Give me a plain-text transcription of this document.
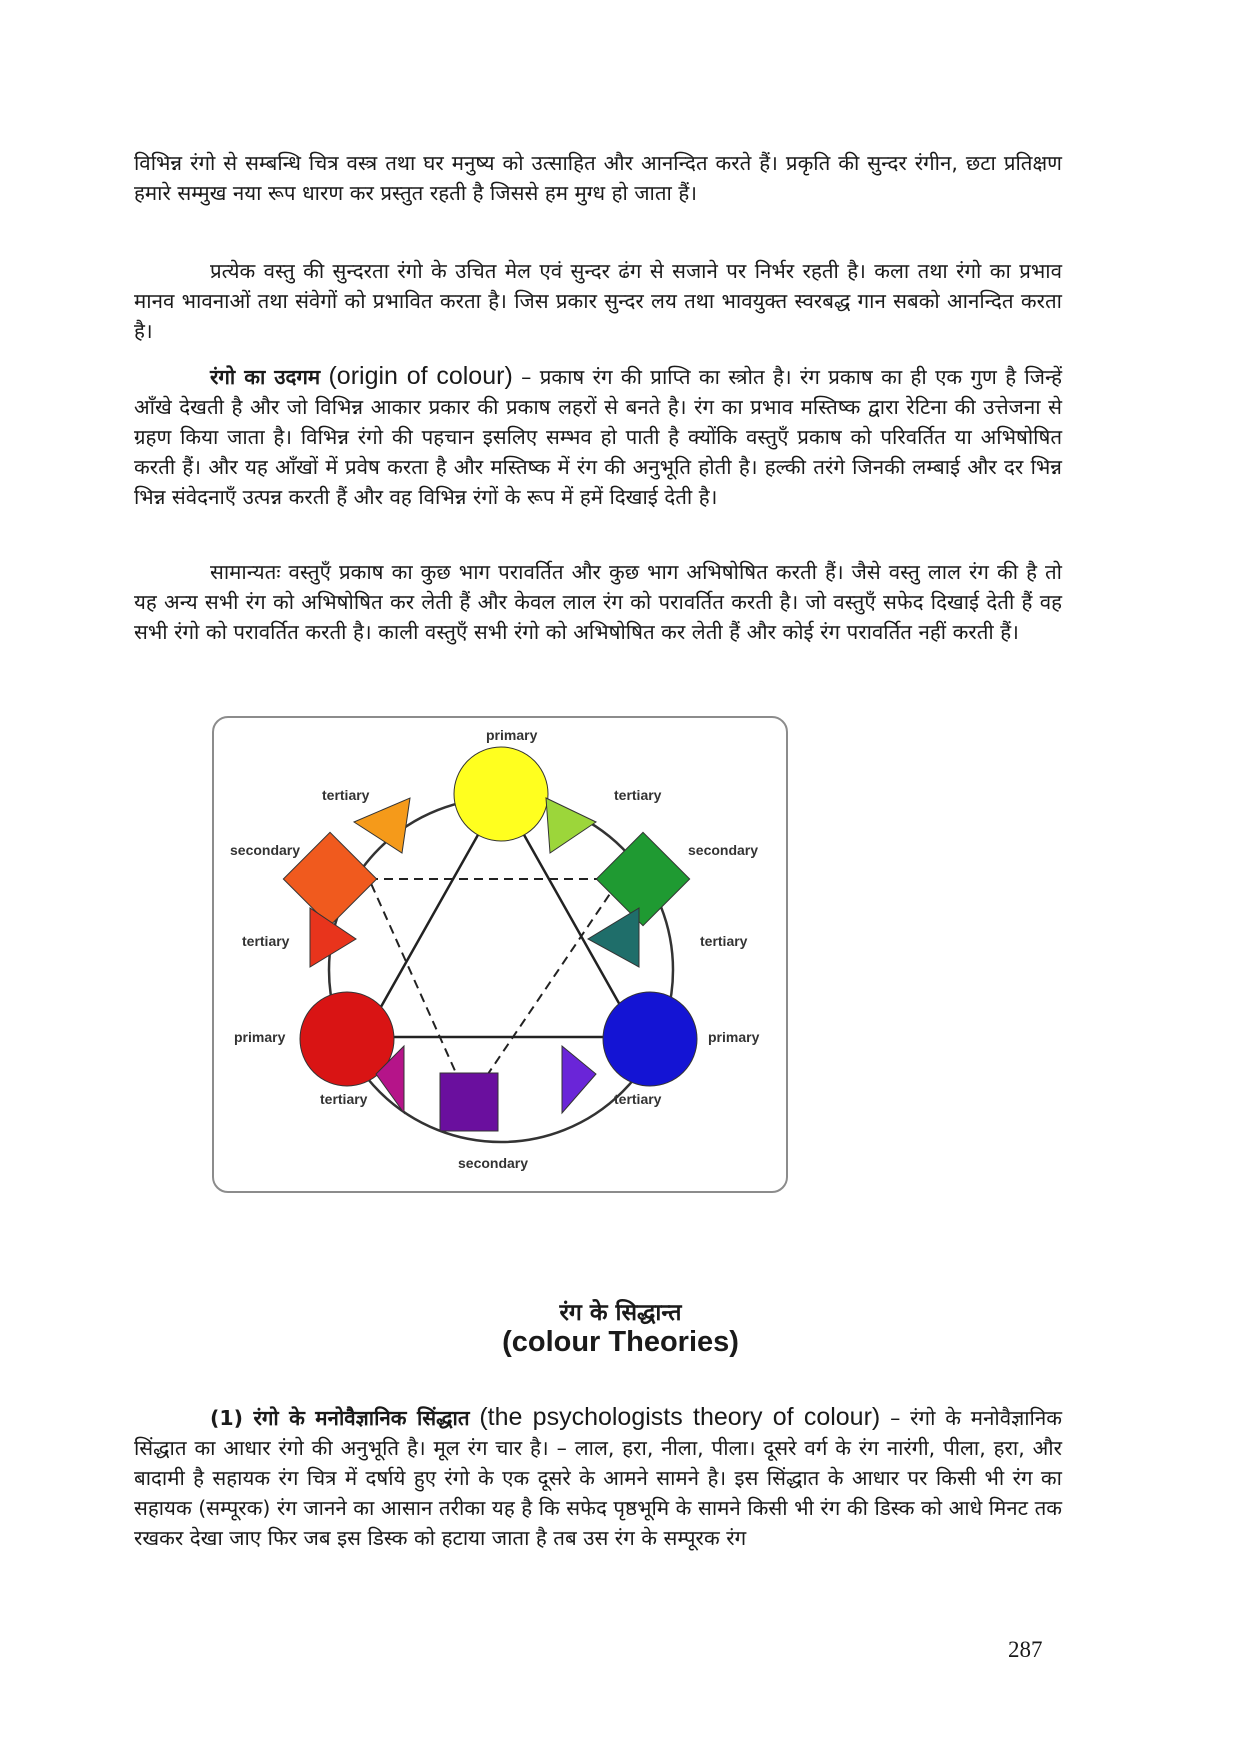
विभिन्न रंगो से सम्बन्धि चित्र वस्त्र तथा घर मनुष्य को उत्साहित और आनन्दित करते हैं। प्रकृति की सुन्दर रंगीन, छटा प्रतिक्षण हमारे सम्मुख नया रूप धारण कर प्रस्तुत रहती है जिससे हम मुग्ध हो जाता हैं।

प्रत्येक वस्तु की सुन्दरता रंगो के उचित मेल एवं सुन्दर ढंग से सजाने पर निर्भर रहती है। कला तथा रंगो का प्रभाव मानव भावनाओं तथा संवेगों को प्रभावित करता है। जिस प्रकार सुन्दर लय तथा भावयुक्त स्वरबद्ध गान सबको आनन्दित करता है।

रंगो का उदगम (origin of colour) – प्रकाष रंग की प्राप्ति का स्त्रोत है। रंग प्रकाष का ही एक गुण है जिन्हें आँखे देखती है और जो विभिन्न आकार प्रकार की प्रकाष लहरों से बनते है। रंग का प्रभाव मस्तिष्क द्वारा रेटिना की उत्तेजना से ग्रहण किया जाता है। विभिन्न रंगो की पहचान इसलिए सम्भव हो पाती है क्योंकि वस्तुएँ प्रकाष को परिवर्तित या अभिषोषित करती हैं। और यह आँखों में प्रवेष करता है और मस्तिष्क में रंग की अनुभूति होती है। हल्की तरंगे जिनकी लम्बाई और दर भिन्न भिन्न संवेदनाएँ उत्पन्न करती हैं और वह विभिन्न रंगों के रूप में हमें दिखाई देती है।

सामान्यतः वस्तुएँ प्रकाष का कुछ भाग परावर्तित और कुछ भाग अभिषोषित करती हैं। जैसे वस्तु लाल रंग की है तो यह अन्य सभी रंग को अभिषोषित कर लेती हैं और केवल लाल रंग को परावर्तित करती है। जो वस्तुएँ सफेद दिखाई देती हैं वह सभी रंगो को परावर्तित करती है। काली वस्तुएँ सभी रंगो को अभिषोषित कर लेती हैं और कोई रंग परावर्तित नहीं करती हैं।

primary
primary	primary
secondary	secondary
secondary
tertiary	tertiary
tertiary	tertiary
tertiary	tertiary

रंग के सिद्धान्त

(colour Theories)

(1) रंगो के मनोवैज्ञानिक सिंद्धात (the psychologists theory of colour) – रंगो के मनोवैज्ञानिक सिंद्धात का आधार रंगो की अनुभूति है। मूल रंग चार है। – लाल, हरा, नीला, पीला। दूसरे वर्ग के रंग नारंगी, पीला, हरा, और बादामी है सहायक रंग चित्र में दर्षाये हुए रंगो के एक दूसरे के आमने सामने है। इस सिंद्धात के आधार पर किसी भी रंग का सहायक (सम्पूरक) रंग जानने का आसान तरीका यह है कि सफेद पृष्ठभूमि के सामने किसी भी रंग की डिस्क को आधे मिनट तक रखकर देखा जाए फिर जब इस डिस्क को हटाया जाता है तब उस रंग के सम्पूरक रंग

287
